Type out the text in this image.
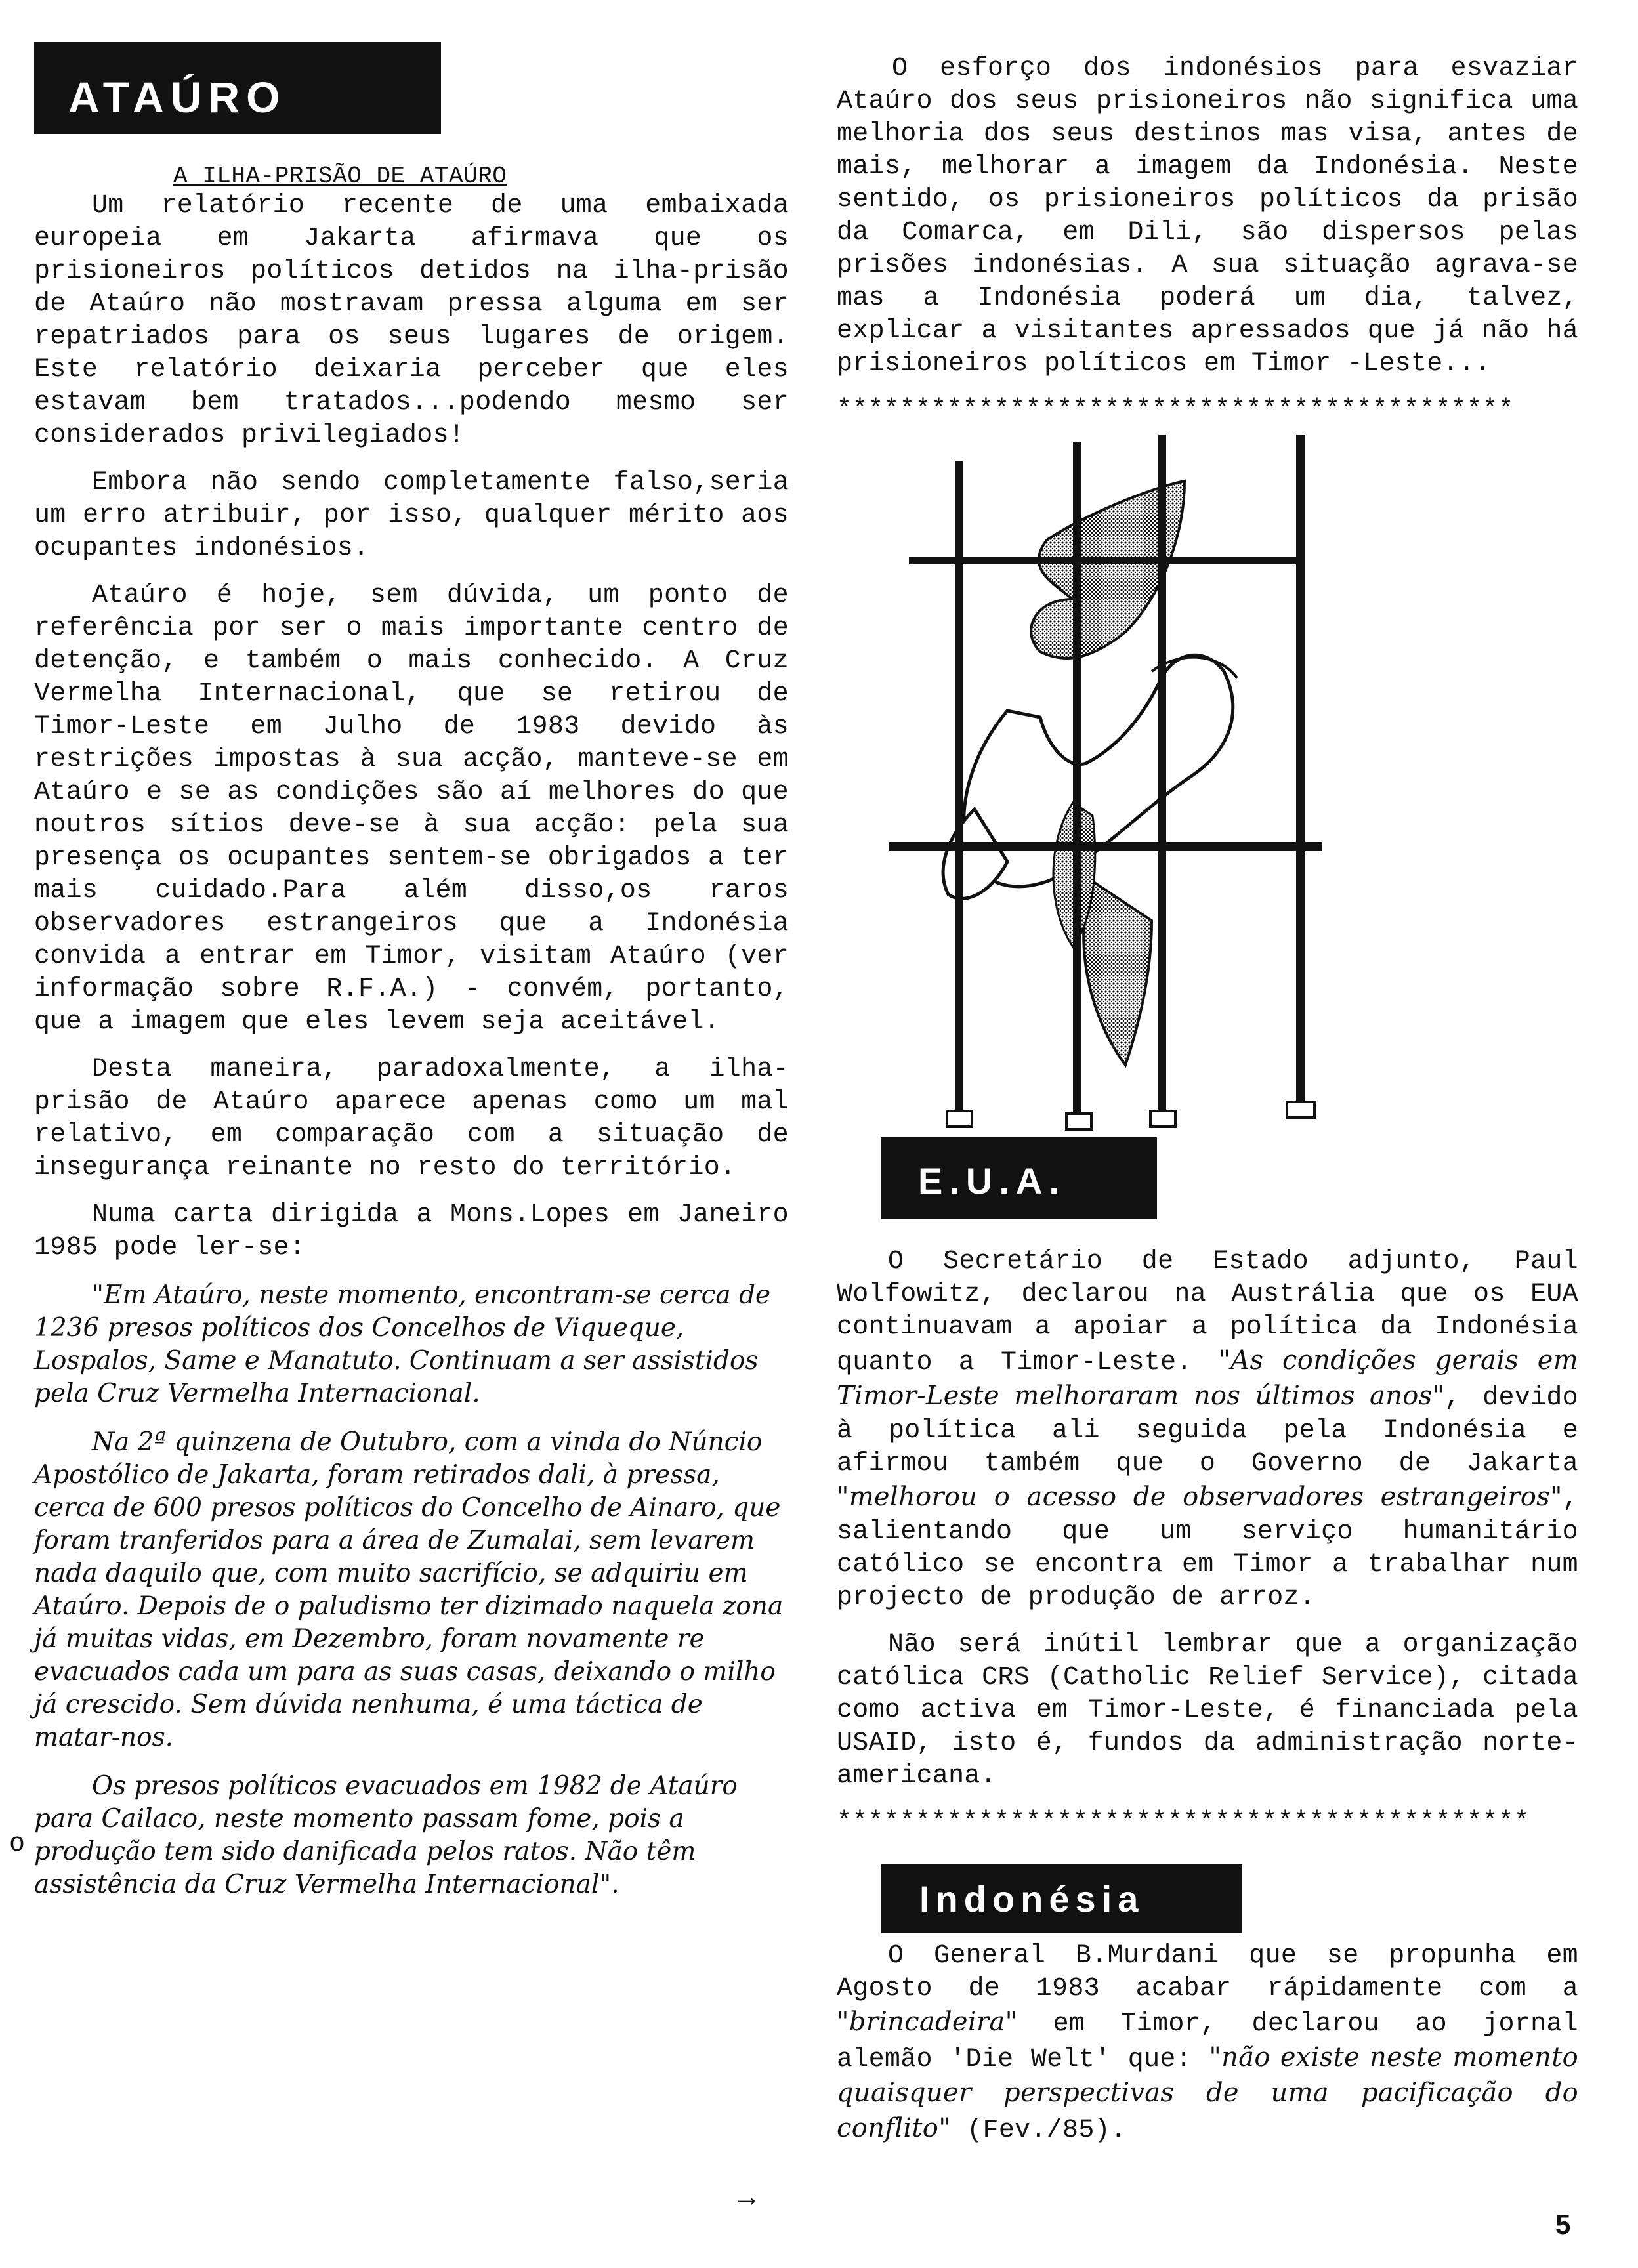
ATAÚRO
A ILHA-PRISÃO DE ATAÚRO

Um relatório recente de uma embaixada europeia em Jakarta afirmava que os prisioneiros políticos detidos na ilha-prisão de Ataúro não mostravam pressa alguma em ser repatriados para os seus lugares de origem. Este relatório deixaria perceber que eles estavam bem tratados...podendo mesmo ser considerados privilegiados!

Embora não sendo completamente falso,seria um erro atribuir, por isso, qualquer mérito aos ocupantes indonésios.

Ataúro é hoje, sem dúvida, um ponto de referência por ser o mais importante centro de detenção, e também o mais conhecido. A Cruz Vermelha Internacional, que se retirou de Timor-Leste em Julho de 1983 devido às restrições impostas à sua acção, manteve-se em Ataúro e se as condições são aí melhores do que noutros sítios deve-se à sua acção: pela sua presença os ocupantes sentem-se obrigados a ter mais cuidado.Para além disso,os raros observadores estrangeiros que a Indonésia convida a entrar em Timor, visitam Ataúro (ver informação sobre R.F.A.) - convém, portanto, que a imagem que eles levem seja aceitável.

Desta maneira, paradoxalmente, a ilha-prisão de Ataúro aparece apenas como um mal relativo, em comparação com a situação de insegurança reinante no resto do território.

Numa carta dirigida a Mons.Lopes em Janeiro 1985 pode ler-se:

"Em Ataúro, neste momento, encontram-se cerca de 1236 presos políticos dos Concelhos de Viqueque, Lospalos, Same e Manatuto. Continuam a ser assistidos pela Cruz Vermelha Internacional.

Na 2ª quinzena de Outubro, com a vinda do Núncio Apostólico de Jakarta, foram retirados dali, à pressa, cerca de 600 presos políticos do Concelho de Ainaro, que foram tranferidos para a área de Zumalai, sem levarem nada daquilo que, com muito sacrifício, se adquiriu em Ataúro. Depois de o paludismo ter dizimado naquela zona já muitas vidas, em Dezembro, foram novamente re evacuados cada um para as suas casas, deixando o milho já crescido. Sem dúvida nenhuma, é uma táctica de matar-nos.

Os presos políticos evacuados em 1982 de Ataúro para Cailaco, neste momento passam fome, pois a produção tem sido danificada pelos ratos. Não têm assistência da Cruz Vermelha Internacional".

o
→

O esforço dos indonésios para esvaziar Ataúro dos seus prisioneiros não significa uma melhoria dos seus destinos mas visa, antes de mais, melhorar a imagem da Indonésia. Neste sentido, os prisioneiros políticos da prisão da Comarca, em Dili, são dispersos pelas prisões indonésias. A sua situação agrava-se mas a Indonésia poderá um dia, talvez, explicar a visitantes apressados que já não há prisioneiros políticos em Timor -Leste...

*******************************************
E.U.A.

O Secretário de Estado adjunto, Paul Wolfowitz, declarou na Austrália que os EUA continuavam a apoiar a política da Indonésia quanto a Timor-Leste. "As condições gerais em Timor-Leste melhoraram nos últimos anos", devido à política ali seguida pela Indonésia e afirmou também que o Governo de Jakarta "melhorou o acesso de observadores estrangeiros", salientando que um serviço humanitário católico se encontra em Timor a trabalhar num projecto de produção de arroz.

Não será inútil lembrar que a organização católica CRS (Catholic Relief Service), citada como activa em Timor-Leste, é financiada pela USAID, isto é, fundos da administração norte-americana.

********************************************
Indonésia

O General B.Murdani que se propunha em Agosto de 1983 acabar rápidamente com a "brincadeira" em Timor, declarou ao jornal alemão 'Die Welt' que: "não existe neste momento quaisquer perspectivas de uma pacificação do conflito" (Fev./85).

5
